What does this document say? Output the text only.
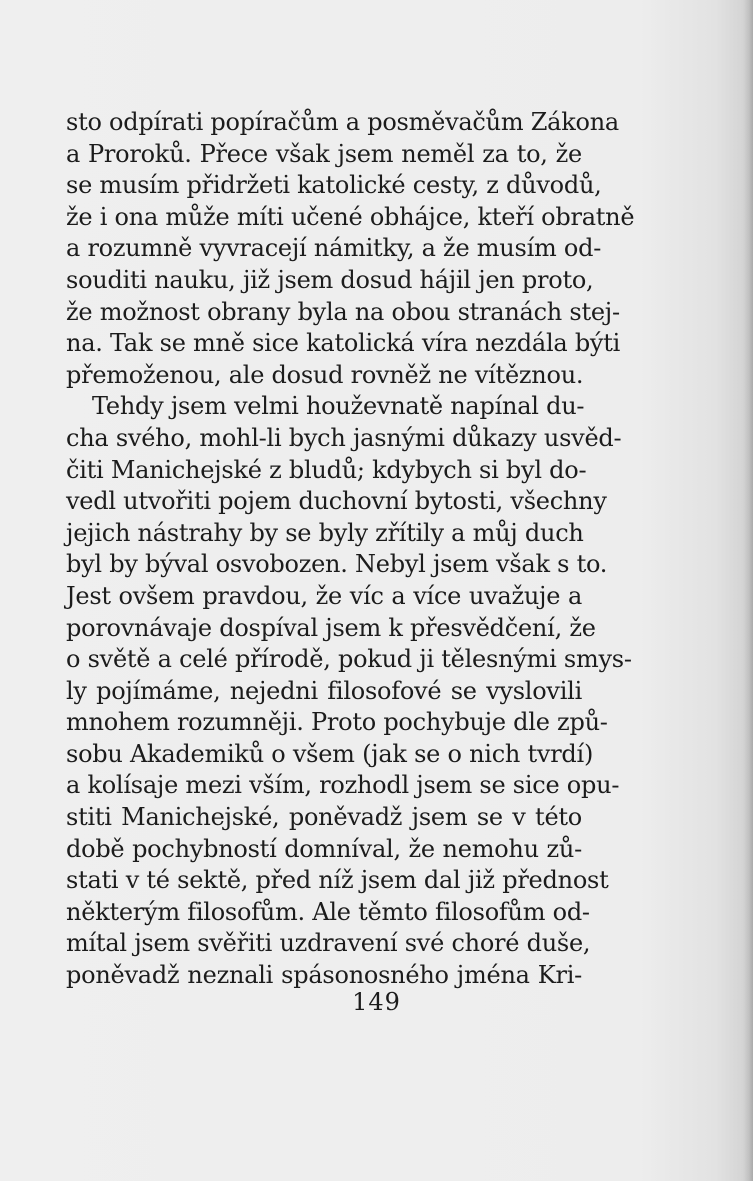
sto odpírati popíračům a posměvačům Zákona
a Proroků. Přece však jsem neměl za to, že
se musím přidržeti katolické cesty, z důvodů,
že i ona může míti učené obhájce, kteří obratně
a rozumně vyvracejí námitky, a že musím od-
souditi nauku, již jsem dosud hájil jen proto,
že možnost obrany byla na obou stranách stej-
na. Tak se mně sice katolická víra nezdála býti
přemoženou, ale dosud rovněž ne vítěznou.
Tehdy jsem velmi houževnatě napínal du-
cha svého, mohl-li bych jasnými důkazy usvěd-
čiti Manichejské z bludů; kdybych si byl do-
vedl utvořiti pojem duchovní bytosti, všechny
jejich nástrahy by se byly zřítily a můj duch
byl by býval osvobozen. Nebyl jsem však s to.
Jest ovšem pravdou, že víc a více uvažuje a
porovnávaje dospíval jsem k přesvědčení, že
o světě a celé přírodě, pokud ji tělesnými smys-
ly pojímáme, nejedni filosofové se vyslovili
mnohem rozumněji. Proto pochybuje dle způ-
sobu Akademiků o všem (jak se o nich tvrdí)
a kolísaje mezi vším, rozhodl jsem se sice opu-
stiti Manichejské, poněvadž jsem se v této
době pochybností domníval, že nemohu zů-
stati v té sektě, před níž jsem dal již přednost
některým filosofům. Ale těmto filosofům od-
mítal jsem svěřiti uzdravení své choré duše,
poněvadž neznali spásonosného jména Kri-
149
